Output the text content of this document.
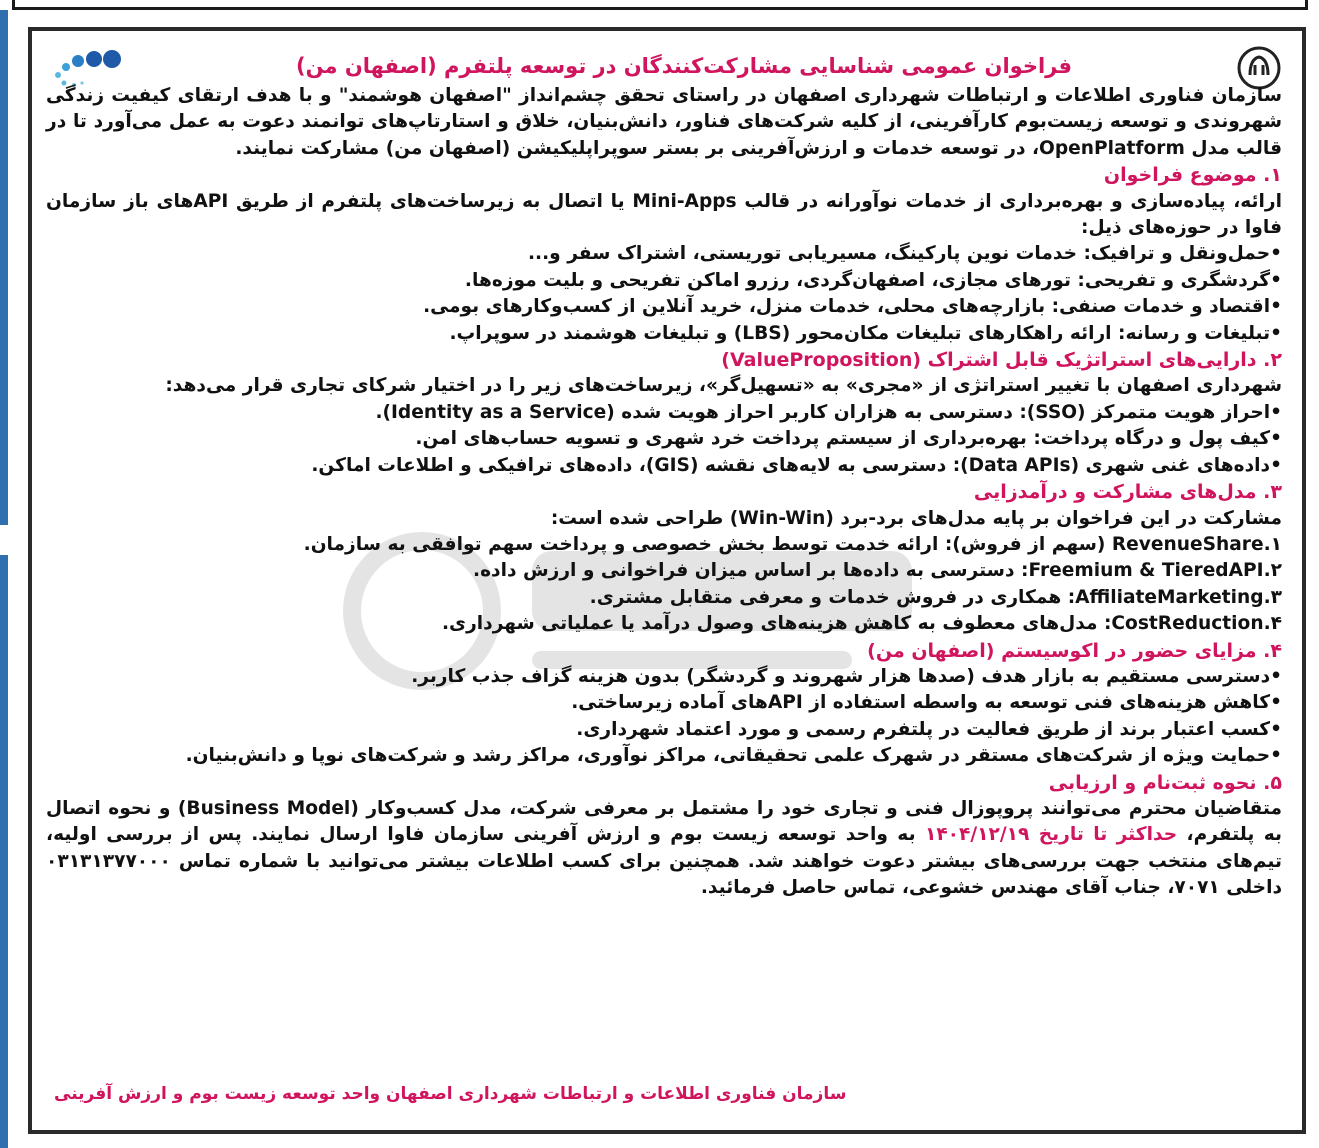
فراخوان عمومی شناسایی مشارکت‌کنندگان در توسعه پلتفرم (اصفهان من)
سازمان فناوری اطلاعات و ارتباطات شهرداری اصفهان در راستای تحقق چشم‌انداز "اصفهان هوشمند" و با هدف ارتقای کیفیت زندگی شهروندی و توسعه زیست‌بوم کارآفرینی، از کلیه شرکت‌های فناور، دانش‌بنیان، خلاق و استارتاپ‌های توانمند دعوت به عمل می‌آورد تا در قالب مدل OpenPlatform، در توسعه خدمات و ارزش‌آفرینی بر بستر سوپراپلیکیشن (اصفهان من) مشارکت نمایند.
۱. موضوع فراخوان
ارائه، پیاده‌سازی و بهره‌برداری از خدمات نوآورانه در قالب Mini-Apps یا اتصال به زیرساخت‌های پلتفرم از طریق APIهای باز سازمان فاوا در حوزه‌های ذیل:
•حمل‌ونقل و ترافیک: خدمات نوین پارکینگ، مسیریابی توریستی، اشتراک سفر و...
•گردشگری و تفریحی: تورهای مجازی، اصفهان‌گردی، رزرو اماکن تفریحی و بلیت موزه‌ها.
•اقتصاد و خدمات صنفی: بازارچه‌های محلی، خدمات منزل، خرید آنلاین از کسب‌وکارهای بومی.
•تبلیغات و رسانه: ارائه راهکارهای تبلیغات مکان‌محور (LBS) و تبلیغات هوشمند در سوپراپ.
۲. دارایی‌های استراتژیک قابل اشتراک (ValueProposition)
شهرداری اصفهان با تغییر استراتژی از «مجری» به «تسهیل‌گر»، زیرساخت‌های زیر را در اختیار شرکای تجاری قرار می‌دهد:
•احراز هویت متمرکز (SSO): دسترسی به هزاران کاربر احراز هویت شده (Identity as a Service).
•کیف پول و درگاه پرداخت: بهره‌برداری از سیستم پرداخت خرد شهری و تسویه حساب‌های امن.
•داده‌های غنی شهری (Data APIs): دسترسی به لایه‌های نقشه (GIS)، داده‌های ترافیکی و اطلاعات اماکن.
۳. مدل‌های مشارکت و درآمدزایی
مشارکت در این فراخوان بر پایه مدل‌های برد-برد (Win-Win) طراحی شده است:
۱.RevenueShare (سهم از فروش): ارائه خدمت توسط بخش خصوصی و پرداخت سهم توافقی به سازمان.
۲.Freemium & TieredAPI: دسترسی به داده‌ها بر اساس میزان فراخوانی و ارزش داده.
۳.AffiliateMarketing: همکاری در فروش خدمات و معرفی متقابل مشتری.
۴.CostReduction: مدل‌های معطوف به کاهش هزینه‌های وصول درآمد یا عملیاتی شهرداری.
۴. مزایای حضور در اکوسیستم (اصفهان من)
•دسترسی مستقیم به بازار هدف (صدها هزار شهروند و گردشگر) بدون هزینه گزاف جذب کاربر.
•کاهش هزینه‌های فنی توسعه به واسطه استفاده از APIهای آماده زیرساختی.
•کسب اعتبار برند از طریق فعالیت در پلتفرم رسمی و مورد اعتماد شهرداری.
•حمایت ویژه از شرکت‌های مستقر در شهرک علمی تحقیقاتی، مراکز نوآوری، مراکز رشد و شرکت‌های نوپا و دانش‌بنیان.
۵. نحوه ثبت‌نام و ارزیابی
متقاضیان محترم می‌توانند پروپوزال فنی و تجاری خود را مشتمل بر معرفی شرکت، مدل کسب‌وکار (Business Model) و نحوه اتصال به پلتفرم، حداکثر تا تاریخ ۱۴۰۴/۱۲/۱۹ به واحد توسعه زیست بوم و ارزش آفرینی سازمان فاوا ارسال نمایند. پس از بررسی اولیه، تیم‌های منتخب جهت بررسی‌های بیشتر دعوت خواهند شد. همچنین برای کسب اطلاعات بیشتر می‌توانید با شماره تماس ۰۳۱۳۱۳۷۷۰۰۰ داخلی ۷۰۷۱، جناب آقای مهندس خشوعی، تماس حاصل فرمائید.
سازمان فناوری اطلاعات و ارتباطات شهرداری اصفهان واحد توسعه زیست بوم و ارزش آفرینی
